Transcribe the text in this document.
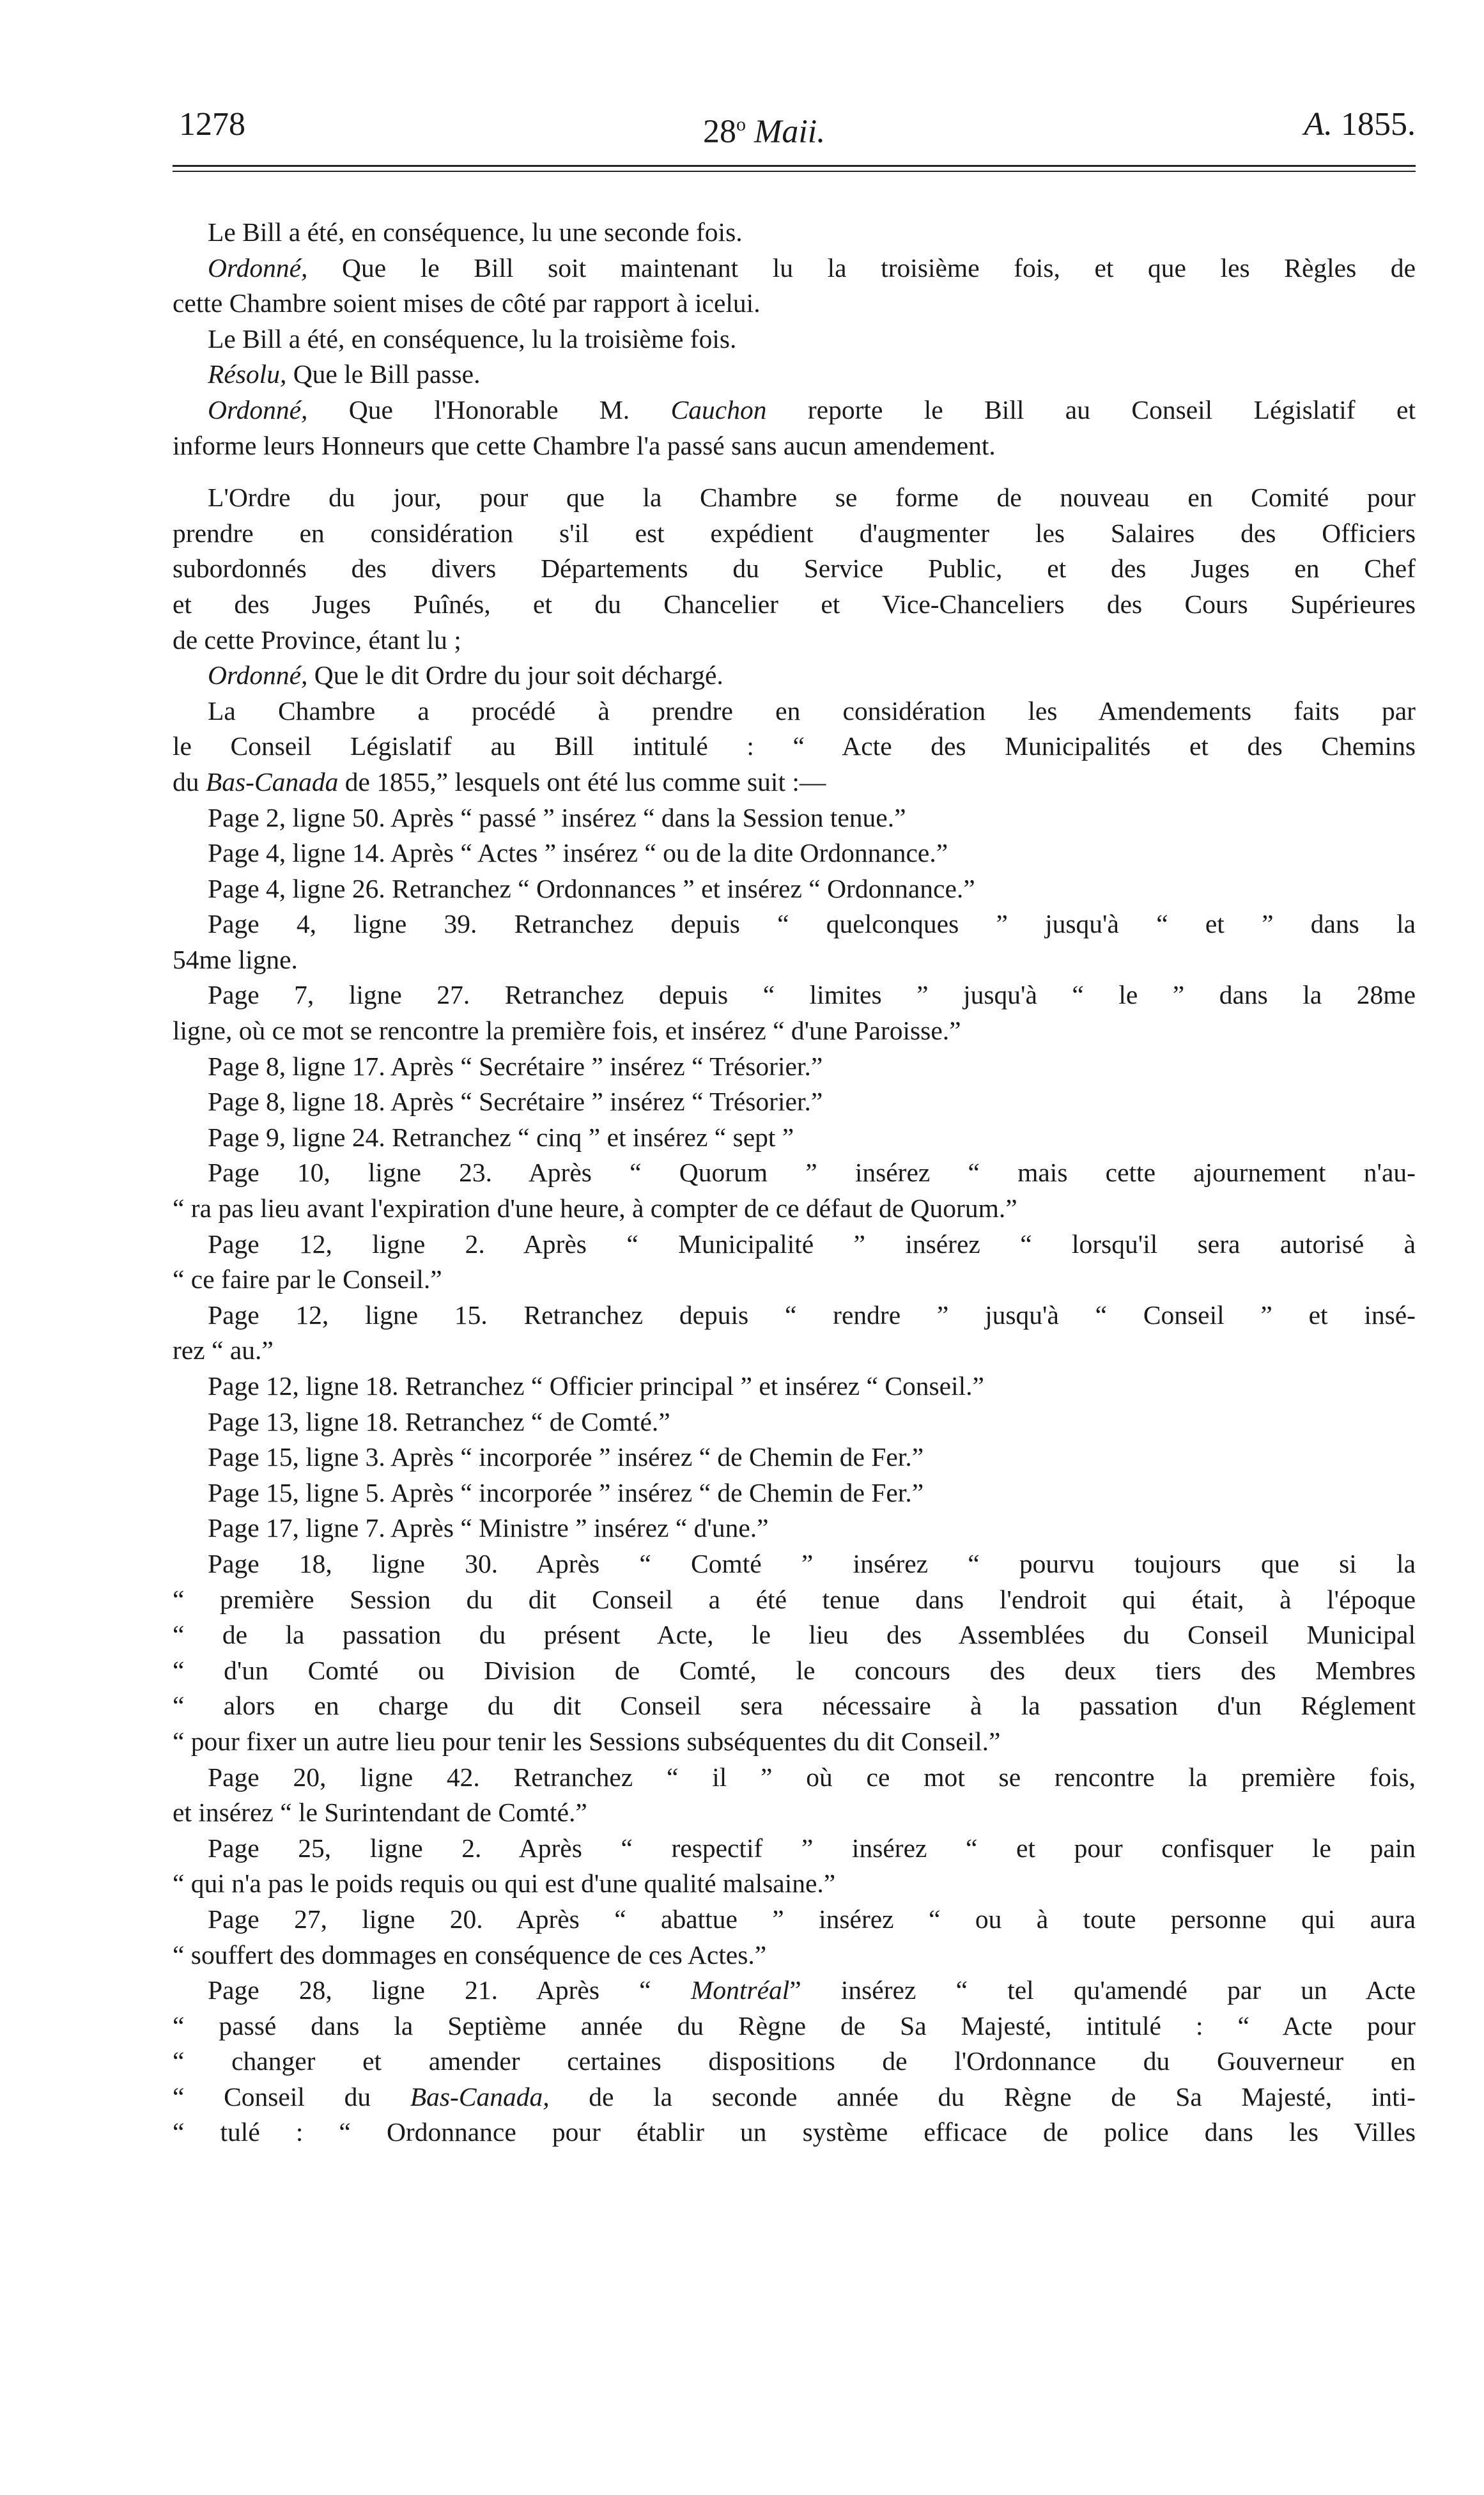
1278	28$^o$ Maii.	A. 1855.
Le Bill a été, en conséquence, lu une seconde fois.
Ordonné, Que le Bill soit maintenant lu la troisième fois, et que les Règles de
cette Chambre soient mises de côté par rapport à icelui.
Le Bill a été, en conséquence, lu la troisième fois.
Résolu, Que le Bill passe.
Ordonné, Que l'Honorable M. Cauchon reporte le Bill au Conseil Législatif et
informe leurs Honneurs que cette Chambre l'a passé sans aucun amendement.
L'Ordre du jour, pour que la Chambre se forme de nouveau en Comité pour
prendre en considération s'il est expédient d'augmenter les Salaires des Officiers
subordonnés des divers Départements du Service Public, et des Juges en Chef
et des Juges Puînés, et du Chancelier et Vice-Chanceliers des Cours Supérieures
de cette Province, étant lu ;
Ordonné, Que le dit Ordre du jour soit déchargé.
La Chambre a procédé à prendre en considération les Amendements faits par
le Conseil Législatif au Bill intitulé : “ Acte des Municipalités et des Chemins
du Bas-Canada de 1855,” lesquels ont été lus comme suit :—
Page 2, ligne 50. Après “ passé ” insérez “ dans la Session tenue.”
Page 4, ligne 14. Après “ Actes ” insérez “ ou de la dite Ordonnance.”
Page 4, ligne 26. Retranchez “ Ordonnances ” et insérez “ Ordonnance.”
Page 4, ligne 39. Retranchez depuis “ quelconques ” jusqu'à “ et ” dans la
54me ligne.
Page 7, ligne 27. Retranchez depuis “ limites ” jusqu'à “ le ” dans la 28me
ligne, où ce mot se rencontre la première fois, et insérez “ d'une Paroisse.”
Page 8, ligne 17. Après “ Secrétaire ” insérez “ Trésorier.”
Page 8, ligne 18. Après “ Secrétaire ” insérez “ Trésorier.”
Page 9, ligne 24. Retranchez “ cinq ” et insérez “ sept ”
Page 10, ligne 23. Après “ Quorum ” insérez “ mais cette ajournement n'au-
“ ra pas lieu avant l'expiration d'une heure, à compter de ce défaut de Quorum.”
Page 12, ligne 2. Après “ Municipalité ” insérez “ lorsqu'il sera autorisé à
“ ce faire par le Conseil.”
Page 12, ligne 15. Retranchez depuis “ rendre ” jusqu'à “ Conseil ” et insé-
rez “ au.”
Page 12, ligne 18. Retranchez “ Officier principal ” et insérez “ Conseil.”
Page 13, ligne 18. Retranchez “ de Comté.”
Page 15, ligne 3. Après “ incorporée ” insérez “ de Chemin de Fer.”
Page 15, ligne 5. Après “ incorporée ” insérez “ de Chemin de Fer.”
Page 17, ligne 7. Après “ Ministre ” insérez “ d'une.”
Page 18, ligne 30. Après “ Comté ” insérez “ pourvu toujours que si la
“ première Session du dit Conseil a été tenue dans l'endroit qui était, à l'époque
“ de la passation du présent Acte, le lieu des Assemblées du Conseil Municipal
“ d'un Comté ou Division de Comté, le concours des deux tiers des Membres
“ alors en charge du dit Conseil sera nécessaire à la passation d'un Réglement
“ pour fixer un autre lieu pour tenir les Sessions subséquentes du dit Conseil.”
Page 20, ligne 42. Retranchez “ il ” où ce mot se rencontre la première fois,
et insérez “ le Surintendant de Comté.”
Page 25, ligne 2. Après “ respectif ” insérez “ et pour confisquer le pain
“ qui n'a pas le poids requis ou qui est d'une qualité malsaine.”
Page 27, ligne 20. Après “ abattue ” insérez “ ou à toute personne qui aura
“ souffert des dommages en conséquence de ces Actes.”
Page 28, ligne 21. Après “ Montréal” insérez “ tel qu'amendé par un Acte
“ passé dans la Septième année du Règne de Sa Majesté, intitulé : “ Acte pour
“ changer et amender certaines dispositions de l'Ordonnance du Gouverneur en
“ Conseil du Bas-Canada, de la seconde année du Règne de Sa Majesté, inti-
“ tulé : “ Ordonnance pour établir un système efficace de police dans les Villes
